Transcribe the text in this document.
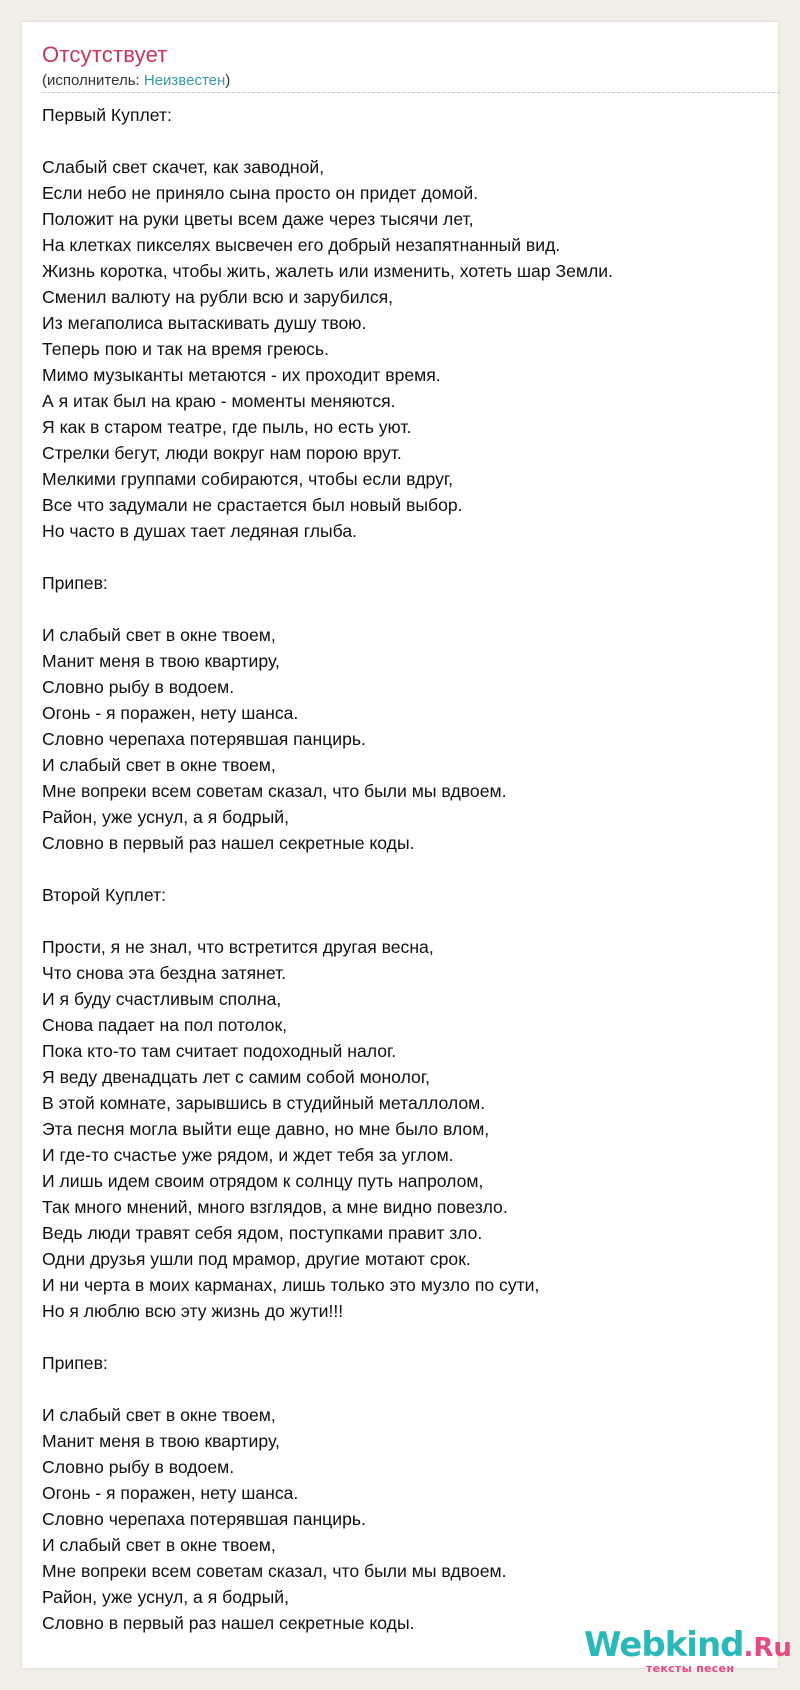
Отсутствует
(исполнитель: Неизвестен)
Первый Куплет:
Слабый свет скачет, как заводной,
Если небо не приняло сына просто он придет домой.
Положит на руки цветы всем даже через тысячи лет,
На клетках пикселях высвечен его добрый незапятнанный вид.
Жизнь коротка, чтобы жить, жалеть или изменить, хотеть шар Земли.
Сменил валюту на рубли всю и зарубился,
Из мегаполиса вытаскивать душу твою.
Теперь пою и так на время греюсь.
Мимо музыканты метаются - их проходит время.
А я итак был на краю - моменты меняются.
Я как в старом театре, где пыль, но есть уют.
Стрелки бегут, люди вокруг нам порою врут.
Мелкими группами собираются, чтобы если вдруг,
Все что задумали не срастается был новый выбор.
Но часто в душах тает ледяная глыба.
Припев:
И слабый свет в окне твоем,
Манит меня в твою квартиру,
Словно рыбу в водоем.
Огонь - я поражен, нету шанса.
Словно черепаха потерявшая панцирь.
И слабый свет в окне твоем,
Мне вопреки всем советам сказал, что были мы вдвоем.
Район, уже уснул, а я бодрый,
Словно в первый раз нашел секретные коды.
Второй Куплет:
Прости, я не знал, что встретится другая весна,
Что снова эта бездна затянет.
И я буду счастливым сполна,
Снова падает на пол потолок,
Пока кто-то там считает подоходный налог.
Я веду двенадцать лет с самим собой монолог,
В этой комнате, зарывшись в студийный металлолом.
Эта песня могла выйти еще давно, но мне было влом,
И где-то счастье уже рядом, и ждет тебя за углом.
И лишь идем своим отрядом к солнцу путь напролом,
Так много мнений, много взглядов, а мне видно повезло.
Ведь люди травят себя ядом, поступками правит зло.
Одни друзья ушли под мрамор, другие мотают срок.
И ни черта в моих карманах, лишь только это музло по сути,
Но я люблю всю эту жизнь до жути!!!
Припев:
И слабый свет в окне твоем,
Манит меня в твою квартиру,
Словно рыбу в водоем.
Огонь - я поражен, нету шанса.
Словно черепаха потерявшая панцирь.
И слабый свет в окне твоем,
Мне вопреки всем советам сказал, что были мы вдвоем.
Район, уже уснул, а я бодрый,
Словно в первый раз нашел секретные коды.
Webkind.Ru
тексты песен
